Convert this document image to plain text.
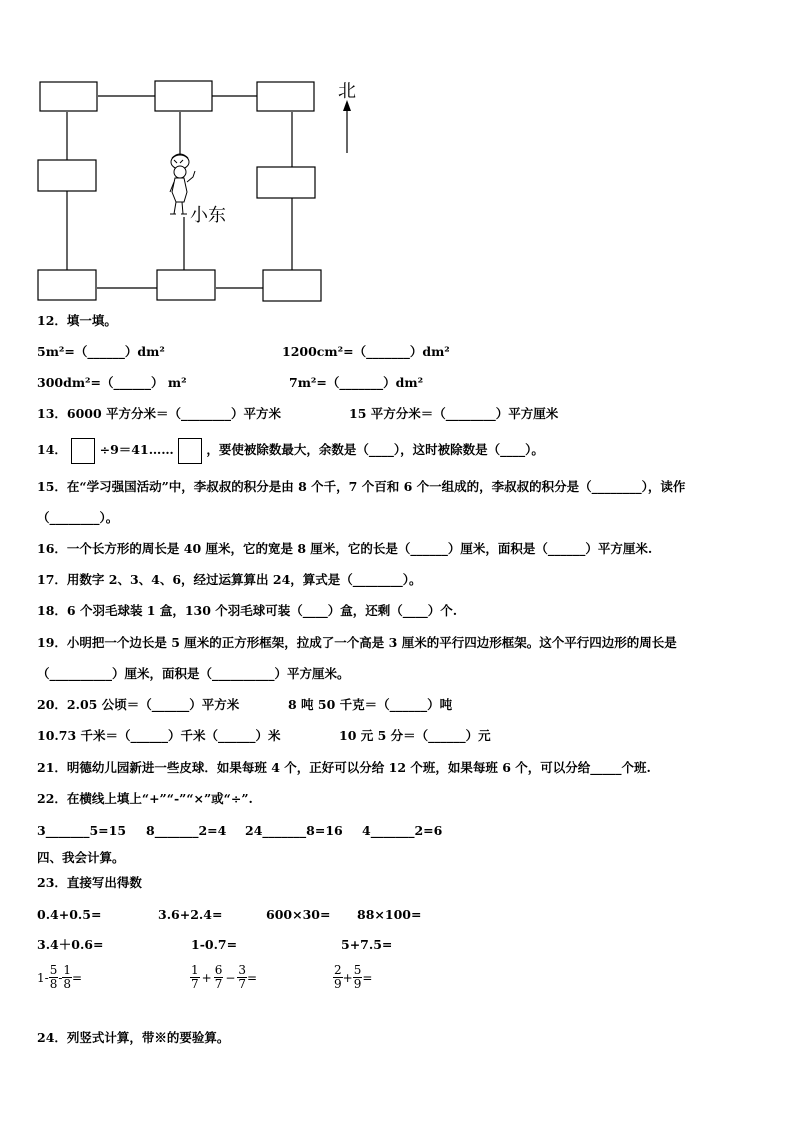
北
小东
12．填一填。
5m²=（______）dm²	1200cm²=（_______）dm²
300dm²=（______） m²	7m²=（_______）dm²
13．6000 平方分米＝（________）平方米	15 平方分米＝（________）平方厘米
14．	÷9＝41……	，要使被除数最大，余数是（____），这时被除数是（____）。
15．在“学习强国活动”中，李叔叔的积分是由 8 个千，7 个百和 6 个一组成的，李叔叔的积分是（________），读作
（________）。
16．一个长方形的周长是 40 厘米，它的宽是 8 厘米，它的长是（______）厘米，面积是（______）平方厘米.
17．用数字 2、3、4、6，经过运算算出 24，算式是（________）。
18．6 个羽毛球装 1 盒，130 个羽毛球可装（____）盒，还剩（____）个.
19．小明把一个边长是 5 厘米的正方形框架，拉成了一个高是 3 厘米的平行四边形框架。这个平行四边形的周长是
（__________）厘米，面积是（__________）平方厘米。
20．2.05 公顷＝（______）平方米	8 吨 50 千克＝（______）吨
10.73 千米＝（______）千米（______）米	10 元 5 分＝（______）元
21．明德幼儿园新进一些皮球．如果每班 4 个，正好可以分给 12 个班，如果每班 6 个，可以分给_____个班.
22．在横线上填上“+”“-”“×”或“÷”.
3_______5=15 8_______2=4 24_______8=16 4_______2=6
四、我会计算。
23．直接写出得数
0.4+0.5=	3.6+2.4=	600×30= 88×100=
3.4＋0.6=	1-0.7=	5+7.5=
$1- \frac{5}{8} - \frac{1}{8}$ =	$\frac{1}{7} + \frac{6}{7} - \frac{3}{7}$ =	$\frac{2}{9} + \frac{5}{9}$ =
24．列竖式计算，带※的要验算。
